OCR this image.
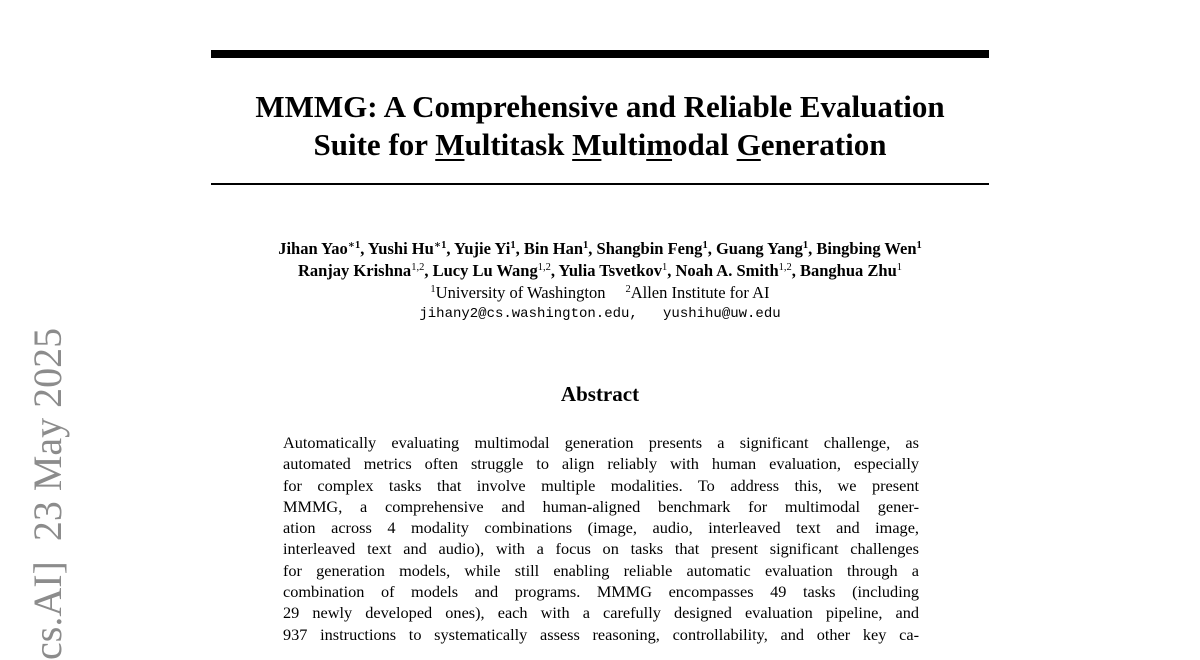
cs.AI]  23 May 2025
MMMG: A Comprehensive and Reliable Evaluation
Suite for Multitask Multimodal Generation
Jihan Yao$^{∗1}$, Yushi $Hu^{∗1}$, Yujie Yi$^1$, Bin Han$^1$, Shangbin Feng$^1$, Guang Yang$^1$, Bingbing Wen$^1$
Ranjay Krishna$^{1,2}$, Lucy Lu Wang$^{1,2}$, Yulia Tsvetkov$^1$, Noah A. Smith$^{1,2}$, Banghua Zhu$^1$
$^1$University of Washington $^2$Allen Institute for AI
jihany2@cs.washington.edu, yushihu@uw.edu
Abstract
Automatically evaluating multimodal generation presents a significant challenge, as
automated metrics often struggle to align reliably with human evaluation, especially
for complex tasks that involve multiple modalities. To address this, we present
MMMG, a comprehensive and human-aligned benchmark for multimodal gener-
ation across 4 modality combinations (image, audio, interleaved text and image,
interleaved text and audio), with a focus on tasks that present significant challenges
for generation models, while still enabling reliable automatic evaluation through a
combination of models and programs. MMMG encompasses 49 tasks (including
29 newly developed ones), each with a carefully designed evaluation pipeline, and
937 instructions to systematically assess reasoning, controllability, and other key ca-
